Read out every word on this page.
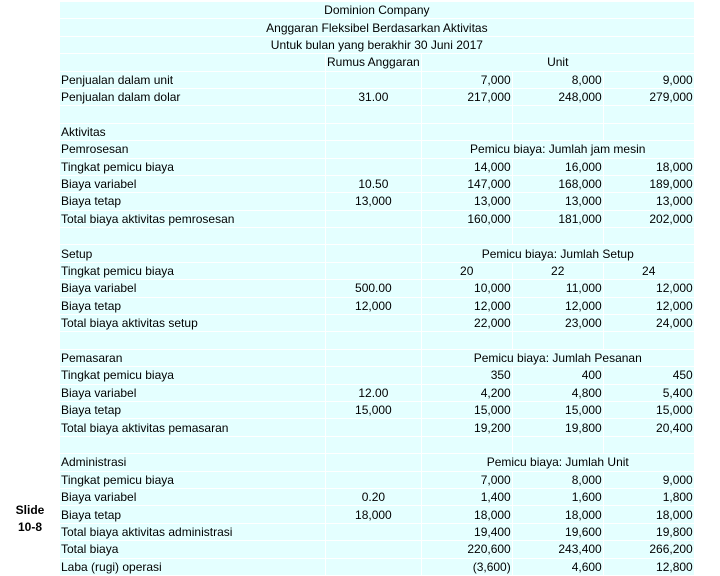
Slide
10-8
Dominion Company				
Anggaran Fleksibel Berdasarkan Aktivitas				
Untuk bulan yang berakhir 30 Juni 2017				
	Rumus Anggaran	Unit		
Penjualan dalam unit		7,000	8,000	9,000
Penjualan dalam dolar	31.00	217,000	248,000	279,000

Aktivitas				
Pemrosesan		Pemicu biaya: Jumlah jam mesin		
Tingkat pemicu biaya		14,000	16,000	18,000
Biaya variabel	10.50	147,000	168,000	189,000
Biaya tetap	13,000	13,000	13,000	13,000
Total biaya aktivitas pemrosesan		160,000	181,000	202,000

Setup		Pemicu biaya: Jumlah Setup		
Tingkat pemicu biaya		20	22	24
Biaya variabel	500.00	10,000	11,000	12,000
Biaya tetap	12,000	12,000	12,000	12,000
Total biaya aktivitas setup		22,000	23,000	24,000

Pemasaran		Pemicu biaya: Jumlah Pesanan		
Tingkat pemicu biaya		350	400	450
Biaya variabel	12.00	4,200	4,800	5,400
Biaya tetap	15,000	15,000	15,000	15,000
Total biaya aktivitas pemasaran		19,200	19,800	20,400

Administrasi		Pemicu biaya: Jumlah Unit		
Tingkat pemicu biaya		7,000	8,000	9,000
Biaya variabel	0.20	1,400	1,600	1,800
Biaya tetap	18,000	18,000	18,000	18,000
Total biaya aktivitas administrasi		19,400	19,600	19,800
Total biaya		220,600	243,400	266,200
Laba (rugi) operasi		(3,600)	4,600	12,800
